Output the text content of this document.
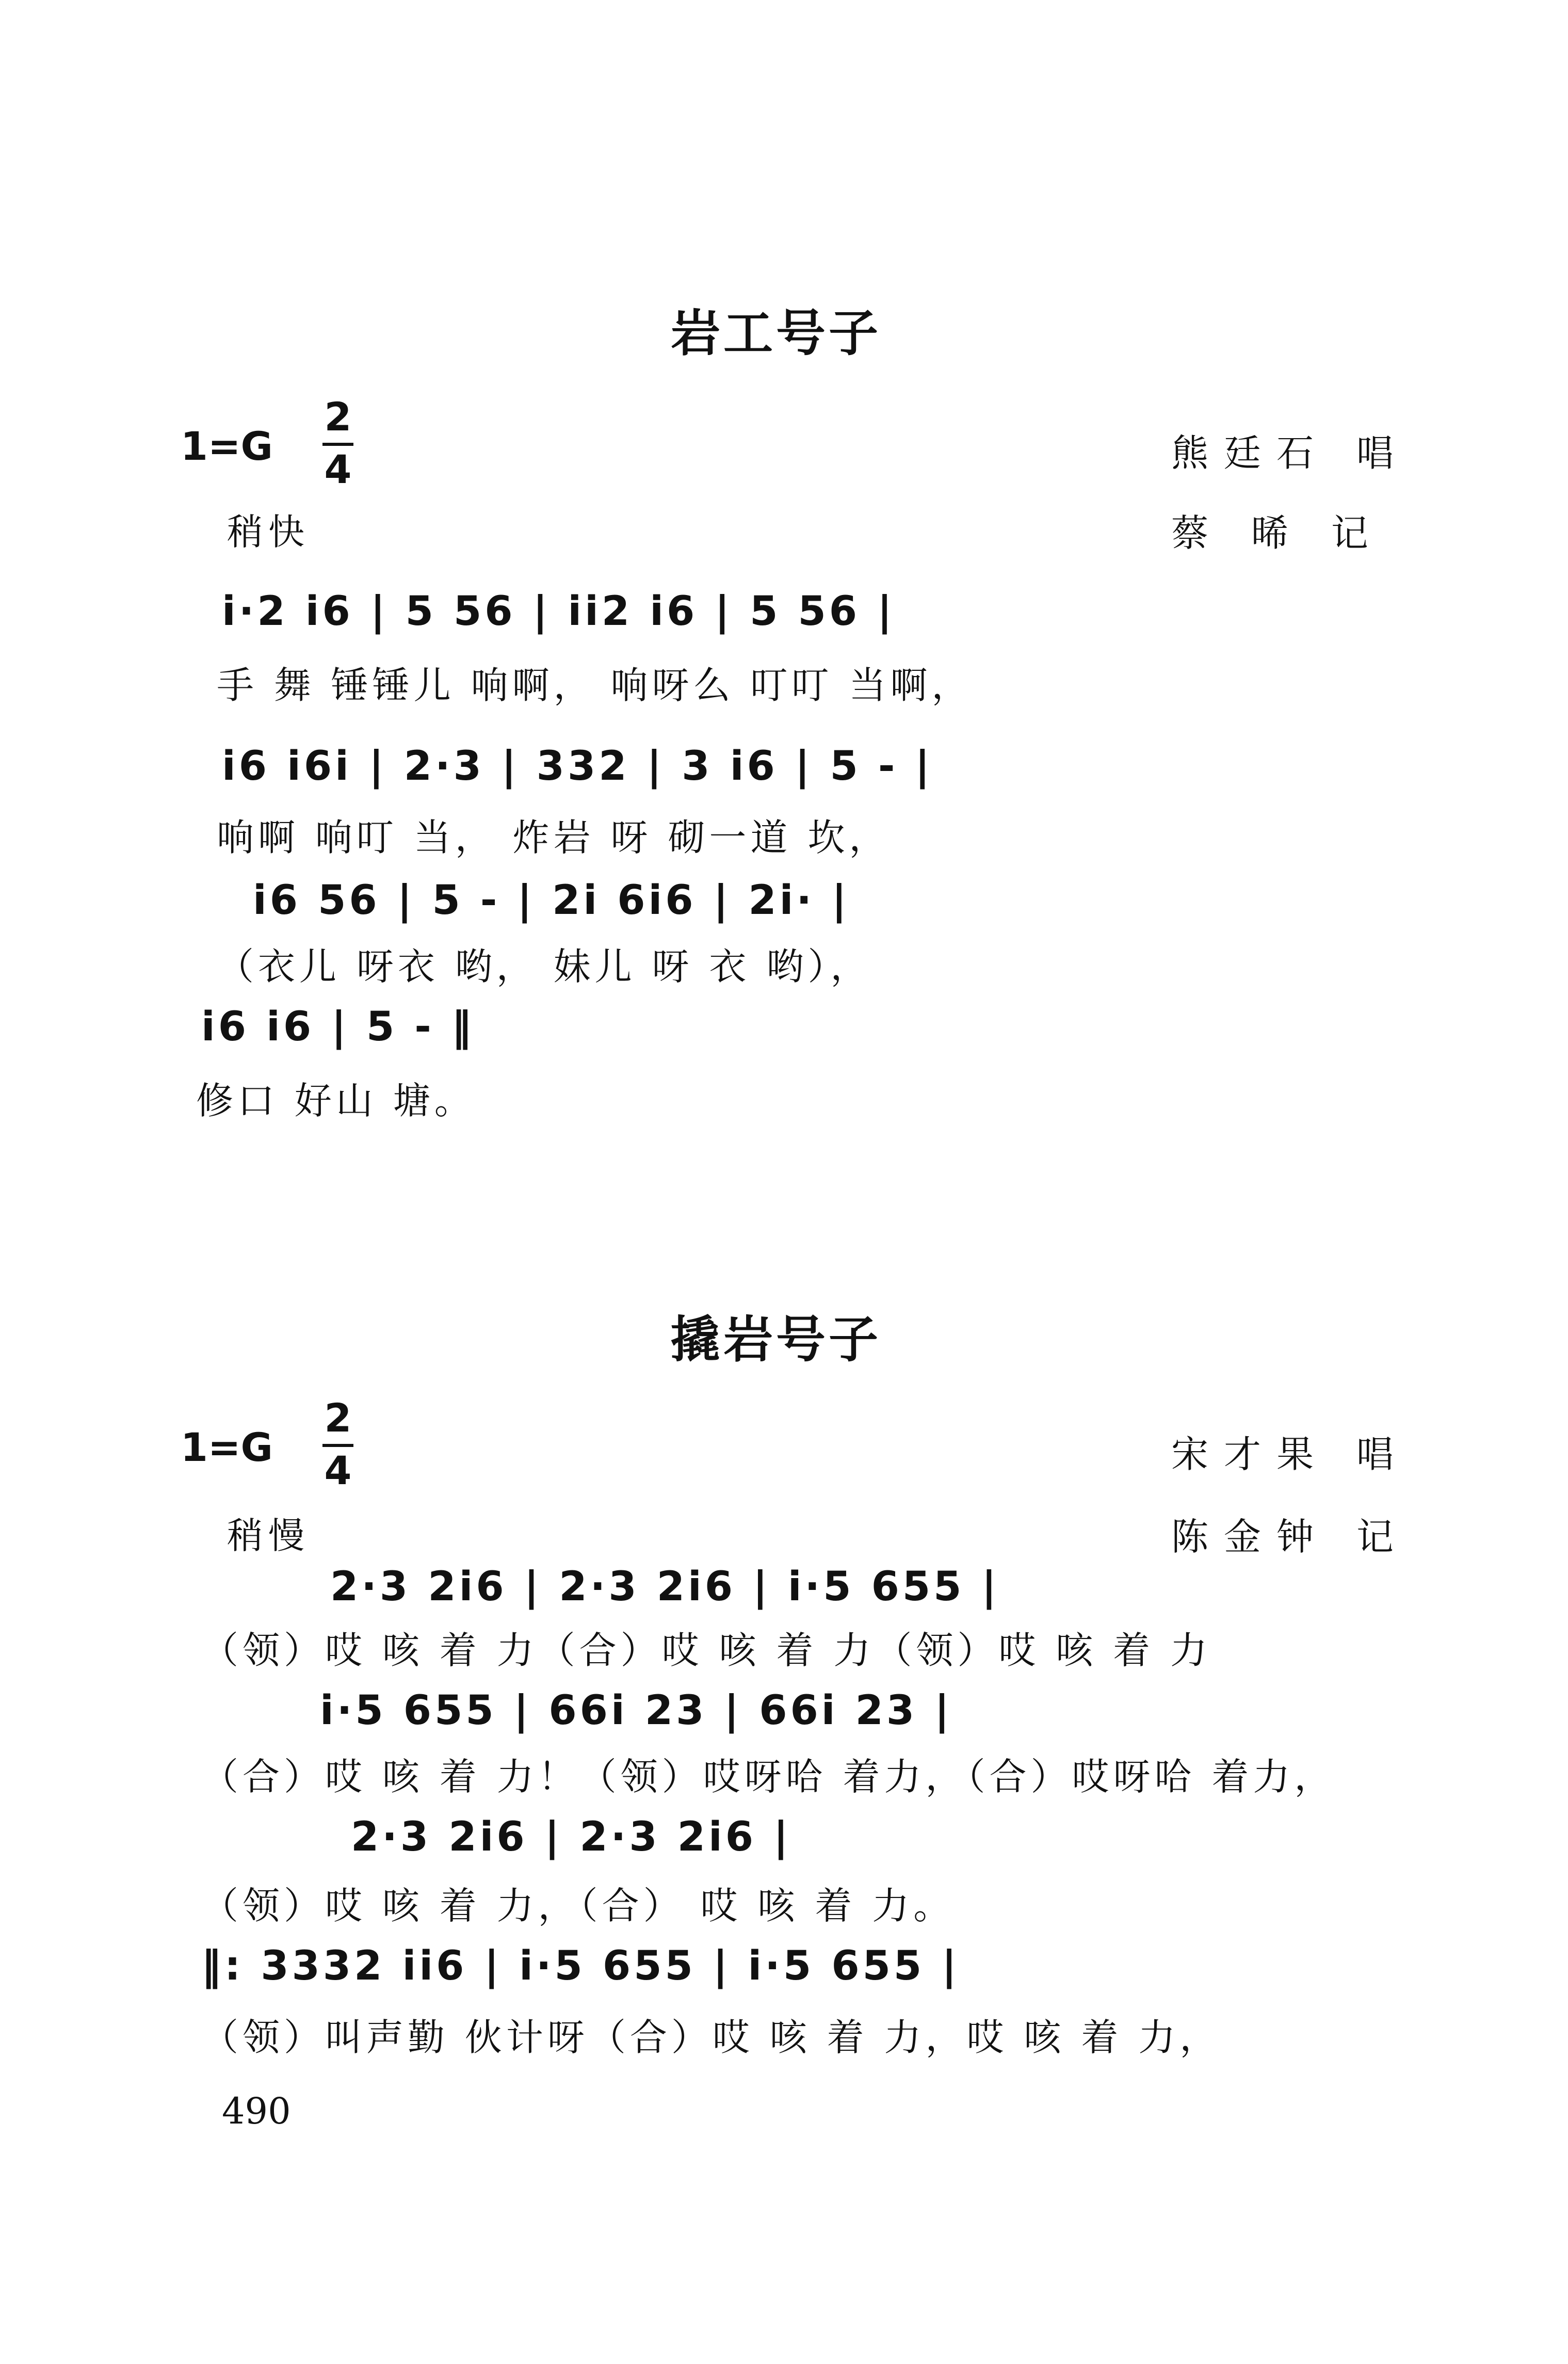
岩工号子
1=G
2
4	熊廷石 唱
稍快	蔡 晞 记
i·2 i6 | 5 56 | ii2 i6 | 5 56 |
手 舞 锤锤儿 响啊， 响呀么 叮叮 当啊，
i6 i6i | 2·3 | 332 | 3 i6 | 5 - |
响啊 响叮 当， 炸岩 呀 砌一道 坎，
i6 56 | 5 - | 2i 6i6 | 2i· |
（衣儿 呀衣 哟， 妹儿 呀 衣 哟），
i6 i6 | 5 - ‖
修口 好山 塘。
撬岩号子
1=G
2
4	宋才果 唱
稍慢	陈金钟 记
2·3 2i6 | 2·3 2i6 | i·5 655 |
（领）哎 咳 着 力（合）哎 咳 着 力（领）哎 咳 着 力
i·5 655 | 66i 23 | 66i 23 |
（合）哎 咳 着 力！（领）哎呀哈 着力，（合）哎呀哈 着力，
2·3 2i6 | 2·3 2i6 |
（领）哎 咳 着 力，（合） 哎 咳 着 力。
‖: 3332 ii6 | i·5 655 | i·5 655 |
（领）叫声勤 伙计呀（合）哎 咳 着 力，哎 咳 着 力，
490
